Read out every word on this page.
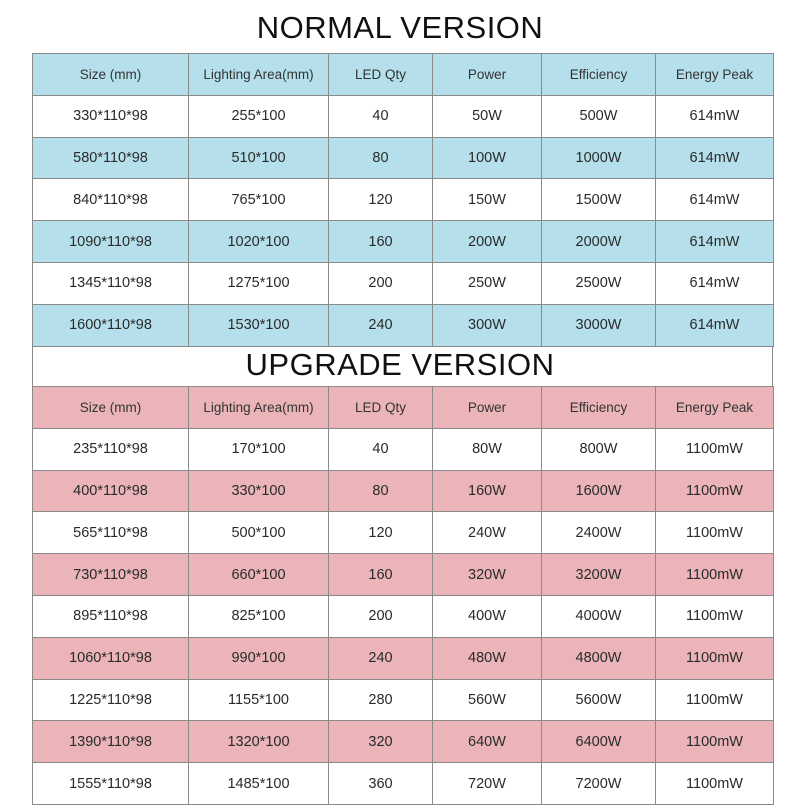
NORMAL VERSION
Size (mm)	Lighting Area(mm)	LED Qty	Power	Efficiency	Energy Peak
330*110*98	255*100	40	50W	500W	614mW
580*110*98	510*100	80	100W	1000W	614mW
840*110*98	765*100	120	150W	1500W	614mW
1090*110*98	1020*100	160	200W	2000W	614mW
1345*110*98	1275*100	200	250W	2500W	614mW
1600*110*98	1530*100	240	300W	3000W	614mW
UPGRADE VERSION
Size (mm)	Lighting Area(mm)	LED Qty	Power	Efficiency	Energy Peak
235*110*98	170*100	40	80W	800W	1100mW
400*110*98	330*100	80	160W	1600W	1100mW
565*110*98	500*100	120	240W	2400W	1100mW
730*110*98	660*100	160	320W	3200W	1100mW
895*110*98	825*100	200	400W	4000W	1100mW
1060*110*98	990*100	240	480W	4800W	1100mW
1225*110*98	1155*100	280	560W	5600W	1100mW
1390*110*98	1320*100	320	640W	6400W	1100mW
1555*110*98	1485*100	360	720W	7200W	1100mW
